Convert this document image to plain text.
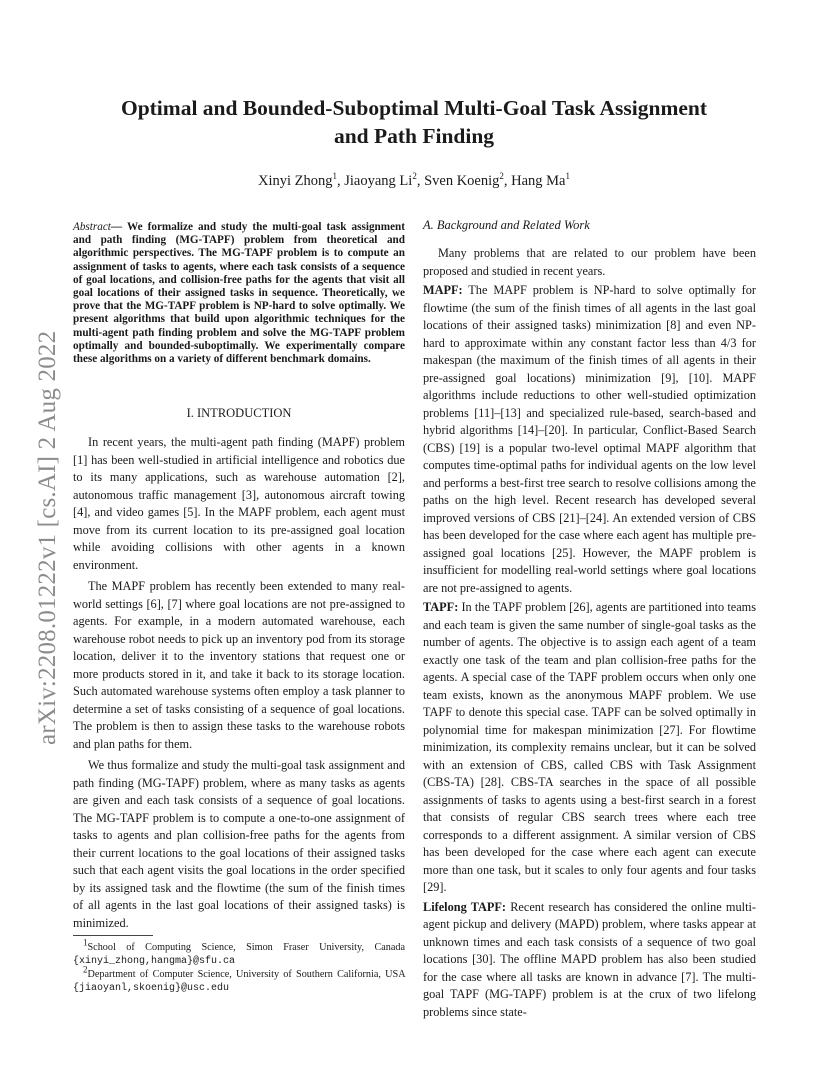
arXiv:2208.01222v1 [cs.AI] 2 Aug 2022
Optimal and Bounded-Suboptimal Multi-Goal Task Assignment
and Path Finding
Xinyi Zhong$^1$, Jiaoyang Li$^2$, Sven Koenig$^2$, Hang Ma$^1$
Abstract— We formalize and study the multi-goal task assignment and path finding (MG-TAPF) problem from theoretical and algorithmic perspectives. The MG-TAPF problem is to compute an assignment of tasks to agents, where each task consists of a sequence of goal locations, and collision-free paths for the agents that visit all goal locations of their assigned tasks in sequence. Theoretically, we prove that the MG-TAPF problem is NP-hard to solve optimally. We present algorithms that build upon algorithmic techniques for the multi-agent path finding problem and solve the MG-TAPF problem optimally and bounded-suboptimally. We experimentally compare these algorithms on a variety of different benchmark domains.
I. INTRODUCTION

In recent years, the multi-agent path finding (MAPF) problem [1] has been well-studied in artificial intelligence and robotics due to its many applications, such as warehouse automation [2], autonomous traffic management [3], autonomous aircraft towing [4], and video games [5]. In the MAPF problem, each agent must move from its current location to its pre-assigned goal location while avoiding collisions with other agents in a known environment.

The MAPF problem has recently been extended to many real-world settings [6], [7] where goal locations are not pre-assigned to agents. For example, in a modern automated warehouse, each warehouse robot needs to pick up an inventory pod from its storage location, deliver it to the inventory stations that request one or more products stored in it, and take it back to its storage location. Such automated warehouse systems often employ a task planner to determine a set of tasks consisting of a sequence of goal locations. The problem is then to assign these tasks to the warehouse robots and plan paths for them.

We thus formalize and study the multi-goal task assignment and path finding (MG-TAPF) problem, where as many tasks as agents are given and each task consists of a sequence of goal locations. The MG-TAPF problem is to compute a one-to-one assignment of tasks to agents and plan collision-free paths for the agents from their current locations to the goal locations of their assigned tasks such that each agent visits the goal locations in the order specified by its assigned task and the flowtime (the sum of the finish times of all agents in the last goal locations of their assigned tasks) is minimized.

$^1$School of Computing Science, Simon Fraser University, Canada {xinyi_zhong,hangma}@sfu.ca

$^2$Department of Computer Science, University of Southern California, USA {jiaoyanl,skoenig}@usc.edu

A. Background and Related Work

Many problems that are related to our problem have been proposed and studied in recent years.

MAPF: The MAPF problem is NP-hard to solve optimally for flowtime (the sum of the finish times of all agents in the last goal locations of their assigned tasks) minimization [8] and even NP-hard to approximate within any constant factor less than 4/3 for makespan (the maximum of the finish times of all agents in their pre-assigned goal locations) minimization [9], [10]. MAPF algorithms include reductions to other well-studied optimization problems [11]–[13] and specialized rule-based, search-based and hybrid algorithms [14]–[20]. In particular, Conflict-Based Search (CBS) [19] is a popular two-level optimal MAPF algorithm that computes time-optimal paths for individual agents on the low level and performs a best-first tree search to resolve collisions among the paths on the high level. Recent research has developed several improved versions of CBS [21]–[24]. An extended version of CBS has been developed for the case where each agent has multiple pre-assigned goal locations [25]. However, the MAPF problem is insufficient for modelling real-world settings where goal locations are not pre-assigned to agents.

TAPF: In the TAPF problem [26], agents are partitioned into teams and each team is given the same number of single-goal tasks as the number of agents. The objective is to assign each agent of a team exactly one task of the team and plan collision-free paths for the agents. A special case of the TAPF problem occurs when only one team exists, known as the anonymous MAPF problem. We use TAPF to denote this special case. TAPF can be solved optimally in polynomial time for makespan minimization [27]. For flowtime minimization, its complexity remains unclear, but it can be solved with an extension of CBS, called CBS with Task Assignment (CBS-TA) [28]. CBS-TA searches in the space of all possible assignments of tasks to agents using a best-first search in a forest that consists of regular CBS search trees where each tree corresponds to a different assignment. A similar version of CBS has been developed for the case where each agent can execute more than one task, but it scales to only four agents and four tasks [29].

Lifelong TAPF: Recent research has considered the online multi-agent pickup and delivery (MAPD) problem, where tasks appear at unknown times and each task consists of a sequence of two goal locations [30]. The offline MAPD problem has also been studied for the case where all tasks are known in advance [7]. The multi-goal TAPF (MG-TAPF) problem is at the crux of two lifelong problems since state-
